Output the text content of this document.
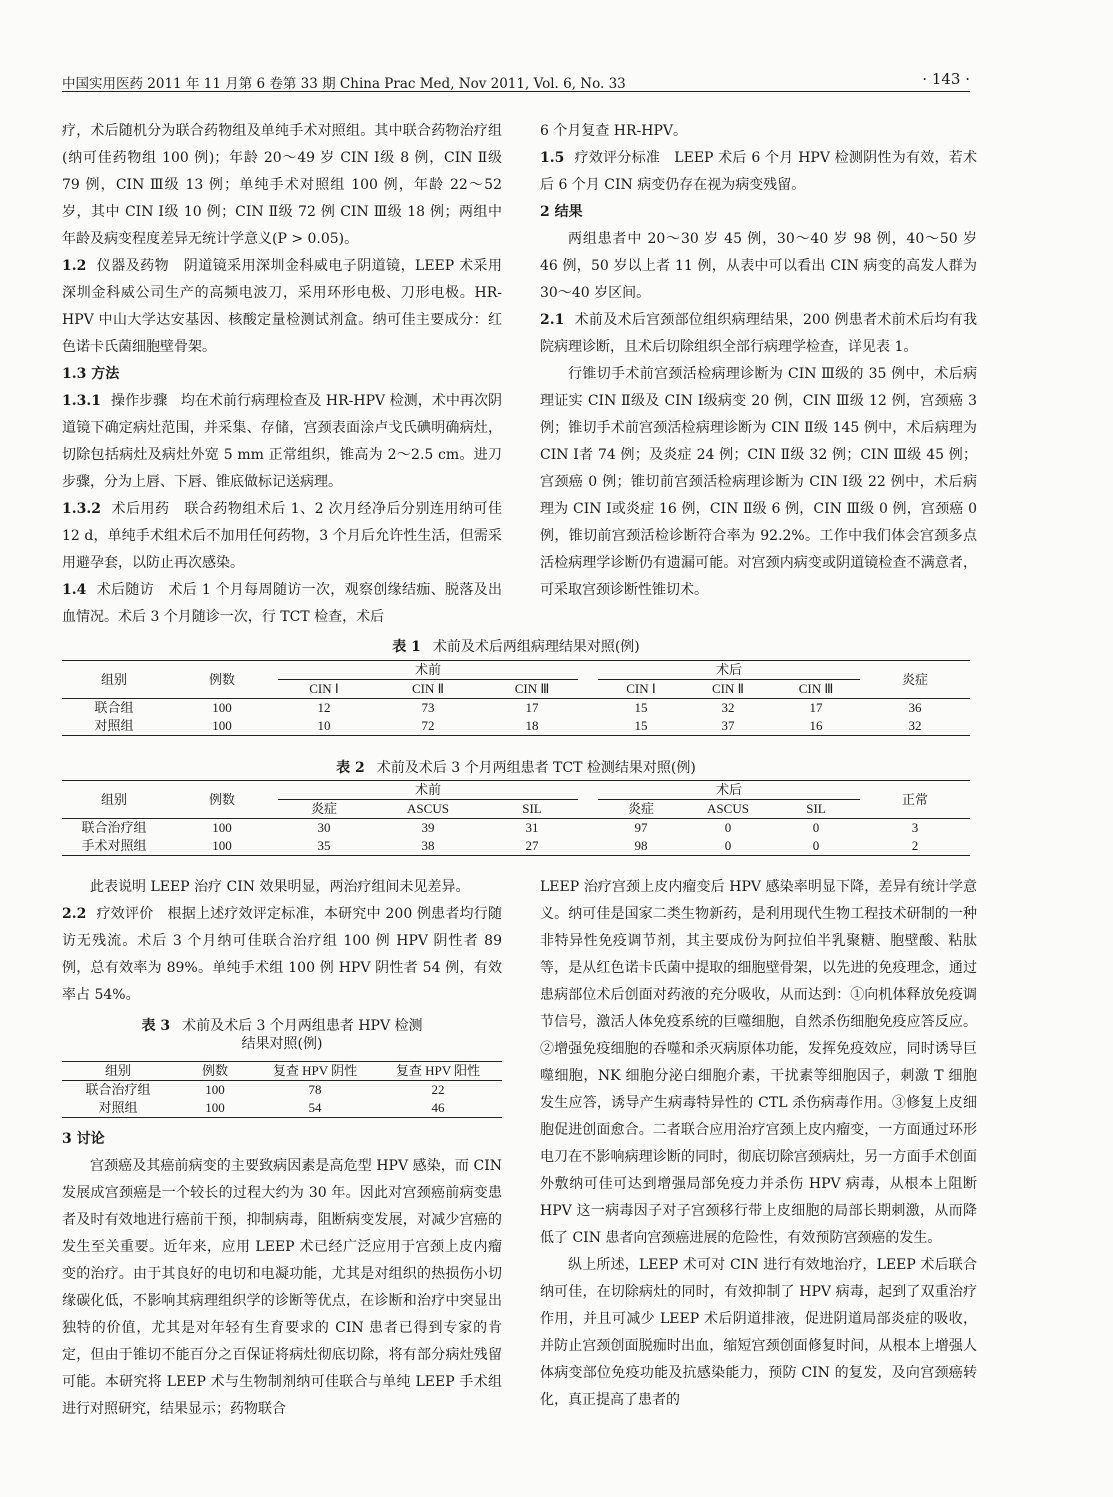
中国实用医药 2011 年 11 月第 6 卷第 33 期 China Prac Med, Nov 2011, Vol. 6, No. 33	· 143 ·

疗，术后随机分为联合药物组及单纯手术对照组。其中联合药物治疗组(纳可佳药物组 100 例)；年龄 20～49 岁 CIN Ⅰ级 8 例，CIN Ⅱ级 79 例，CIN Ⅲ级 13 例；单纯手术对照组 100 例，年龄 22～52 岁，其中 CIN Ⅰ级 10 例；CIN Ⅱ级 72 例 CIN Ⅲ级 18 例；两组中年龄及病变程度差异无统计学意义(P > 0.05)。

1.2 仪器及药物 阴道镜采用深圳金科威电子阴道镜，LEEP 术采用深圳金科威公司生产的高频电波刀，采用环形电极、刀形电极。HR-HPV 中山大学达安基因、核酸定量检测试剂盒。纳可佳主要成分：红色诺卡氏菌细胞壁骨架。

1.3 方法

1.3.1 操作步骤 均在术前行病理检查及 HR-HPV 检测，术中再次阴道镜下确定病灶范围，并采集、存储，宫颈表面涂卢戈氏碘明确病灶，切除包括病灶及病灶外宽 5 mm 正常组织，锥高为 2～2.5 cm。进刀步骤，分为上唇、下唇、锥底做标记送病理。

1.3.2 术后用药 联合药物组术后 1、2 次月经净后分别连用纳可佳 12 d，单纯手术组术后不加用任何药物，3 个月后允许性生活，但需采用避孕套，以防止再次感染。

1.4 术后随访 术后 1 个月每周随访一次，观察创缘结痂、脱落及出血情况。术后 3 个月随诊一次，行 TCT 检查，术后

6 个月复查 HR-HPV。

1.5 疗效评分标准 LEEP 术后 6 个月 HPV 检测阴性为有效，若术后 6 个月 CIN 病变仍存在视为病变残留。

2 结果

两组患者中 20～30 岁 45 例，30～40 岁 98 例，40～50 岁 46 例，50 岁以上者 11 例，从表中可以看出 CIN 病变的高发人群为 30～40 岁区间。

2.1 术前及术后宫颈部位组织病理结果，200 例患者术前术后均有我院病理诊断，且术后切除组织全部行病理学检查，详见表 1。

行锥切手术前宫颈活检病理诊断为 CIN Ⅲ级的 35 例中，术后病理证实 CIN Ⅱ级及 CIN Ⅰ级病变 20 例，CIN Ⅲ级 12 例，宫颈癌 3 例；锥切手术前宫颈活检病理诊断为 CIN Ⅱ级 145 例中，术后病理为 CIN Ⅰ者 74 例；及炎症 24 例；CIN Ⅱ级 32 例；CIN Ⅲ级 45 例；宫颈癌 0 例；锥切前宫颈活检病理诊断为 CIN Ⅰ级 22 例中，术后病理为 CIN Ⅰ或炎症 16 例，CIN Ⅱ级 6 例，CIN Ⅲ级 0 例，宫颈癌 0 例，锥切前宫颈活检诊断符合率为 92.2%。工作中我们体会宫颈多点活检病理学诊断仍有遗漏可能。对宫颈内病变或阴道镜检查不满意者，可采取宫颈诊断性锥切术。

表 1 术前及术后两组病理结果对照(例)
组别	例数	术前				术后			炎症
		CIN Ⅰ	CIN Ⅱ	CIN Ⅲ		CIN Ⅰ	CIN Ⅱ	CIN Ⅲ	
联合组	100	12	73	17		15	32	17	36
对照组	100	10	72	18		15	37	16	32
表 2 术前及术后 3 个月两组患者 TCT 检测结果对照(例)
组别	例数	术前				术后			正常
		炎症	ASCUS	SIL		炎症	ASCUS	SIL	
联合治疗组	100	30	39	31		97	0	0	3
手术对照组	100	35	38	27		98	0	0	2

此表说明 LEEP 治疗 CIN 效果明显，两治疗组间未见差异。

2.2 疗效评价 根据上述疗效评定标准，本研究中 200 例患者均行随访无残流。术后 3 个月纳可佳联合治疗组 100 例 HPV 阴性者 89 例，总有效率为 89%。单纯手术组 100 例 HPV 阴性者 54 例，有效率占 54%。

表 3 术前及术后 3 个月两组患者 HPV 检测
结果对照(例)
组别	例数	复查 HPV 阴性	复查 HPV 阳性
联合治疗组	100	78	22
对照组	100	54	46
3 讨论

宫颈癌及其癌前病变的主要致病因素是高危型 HPV 感染，而 CIN 发展成宫颈癌是一个较长的过程大约为 30 年。因此对宫颈癌前病变患者及时有效地进行癌前干预，抑制病毒，阻断病变发展，对减少宫癌的发生至关重要。近年来，应用 LEEP 术已经广泛应用于宫颈上皮内瘤变的治疗。由于其良好的电切和电凝功能，尤其是对组织的热损伤小切缘碳化低，不影响其病理组织学的诊断等优点，在诊断和治疗中突显出独特的价值，尤其是对年轻有生育要求的 CIN 患者已得到专家的肯定，但由于锥切不能百分之百保证将病灶彻底切除，将有部分病灶残留可能。本研究将 LEEP 术与生物制剂纳可佳联合与单纯 LEEP 手术组进行对照研究，结果显示；药物联合

LEEP 治疗宫颈上皮内瘤变后 HPV 感染率明显下降，差异有统计学意义。纳可佳是国家二类生物新药，是利用现代生物工程技术研制的一种非特异性免疫调节剂，其主要成份为阿拉伯半乳聚糖、胞壁酸、粘肽等，是从红色诺卡氏菌中提取的细胞壁骨架，以先进的免疫理念，通过患病部位术后创面对药液的充分吸收，从而达到：①向机体释放免疫调节信号，激活人体免疫系统的巨噬细胞，自然杀伤细胞免疫应答反应。②增强免疫细胞的吞噬和杀灭病原体功能，发挥免疫效应，同时诱导巨噬细胞，NK 细胞分泌白细胞介素，干扰素等细胞因子，刺激 T 细胞发生应答，诱导产生病毒特异性的 CTL 杀伤病毒作用。③修复上皮细胞促进创面愈合。二者联合应用治疗宫颈上皮内瘤变，一方面通过环形电刀在不影响病理诊断的同时，彻底切除宫颈病灶，另一方面手术创面外敷纳可佳可达到增强局部免疫力并杀伤 HPV 病毒，从根本上阻断 HPV 这一病毒因子对子宫颈移行带上皮细胞的局部长期刺激，从而降低了 CIN 患者向宫颈癌进展的危险性，有效预防宫颈癌的发生。

纵上所述，LEEP 术可对 CIN 进行有效地治疗，LEEP 术后联合纳可佳，在切除病灶的同时，有效抑制了 HPV 病毒，起到了双重治疗作用，并且可减少 LEEP 术后阴道排液，促进阴道局部炎症的吸收，并防止宫颈创面脱痂时出血，缩短宫颈创面修复时间，从根本上增强人体病变部位免疫功能及抗感染能力，预防 CIN 的复发，及向宫颈癌转化，真正提高了患者的
